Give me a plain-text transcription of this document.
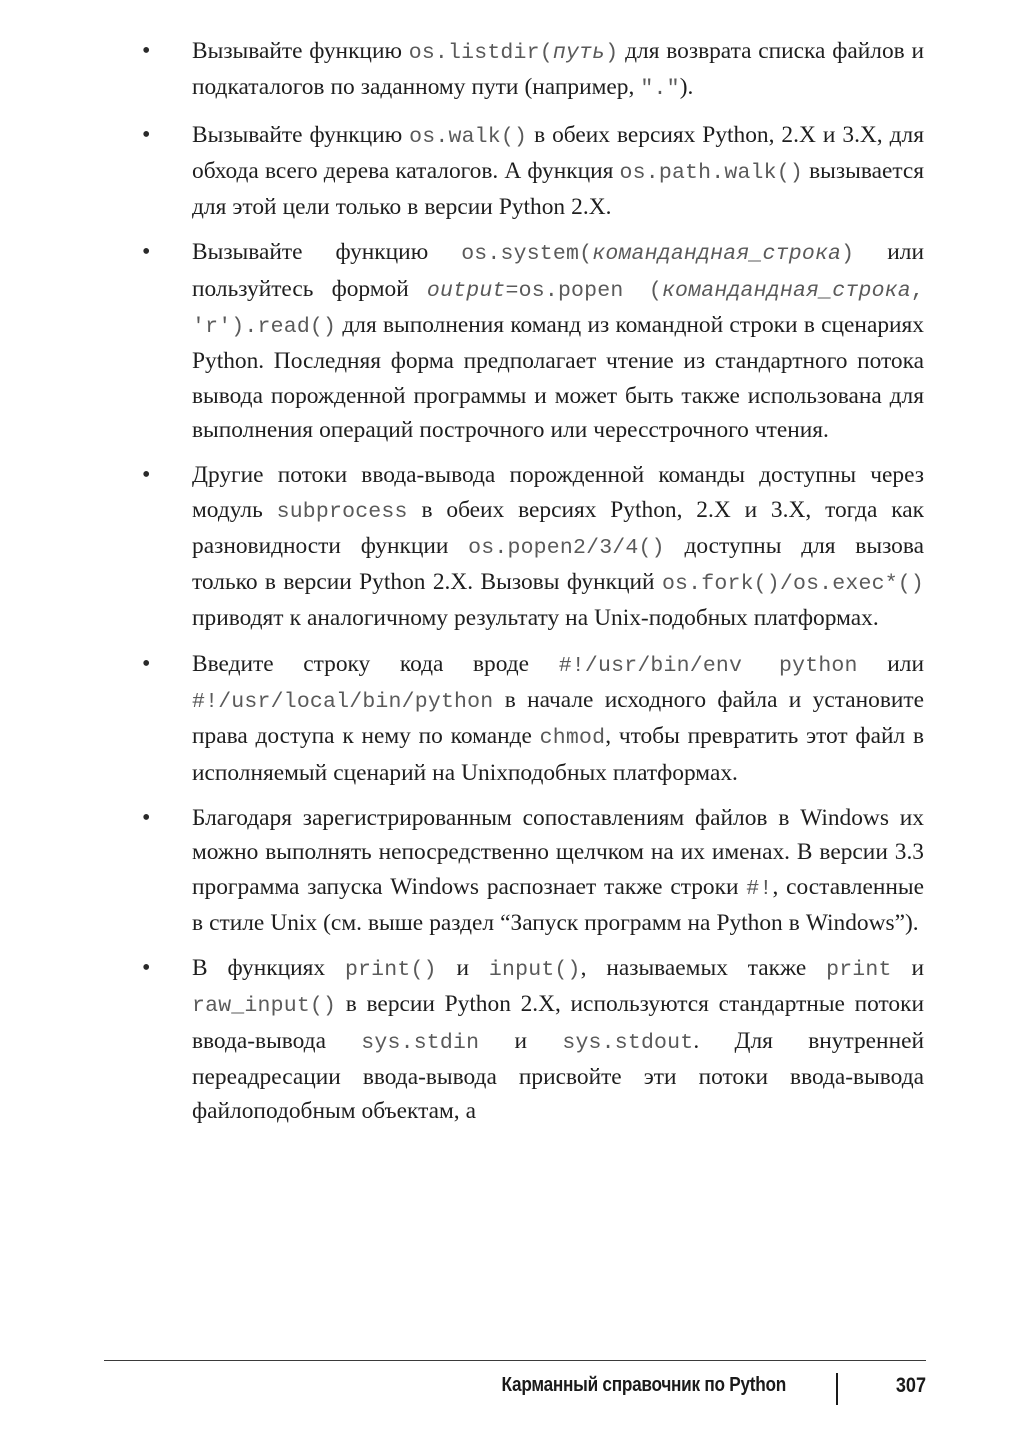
• Вызывайте функцию os.listdir(путь) для возврата списка файлов и подкаталогов по заданному пути (например, ".").
• Вызывайте функцию os.walk() в обеих версиях Python, 2.X и 3.X, для обхода всего дерева каталогов. А функция os.path.walk() вызывается для этой цели только в версии Python 2.X.
• Вызывайте функцию os.system(командандная_строка) или пользуйтесь формой output=os.popen (командандная_строка, 'r').read() для выполнения команд из командной строки в сценариях Python. Последняя форма предполагает чтение из стандартного потока вывода порожденной программы и может быть также использована для выполнения операций построчного или чересстрочного чтения.
• Другие потоки ввода-вывода порожденной команды доступны через модуль subprocess в обеих версиях Python, 2.X и 3.X, тогда как разновидности функции os.popen2/3/4() доступны для вызова только в версии Python 2.X. Вызовы функций os.fork()/os.exec*() приводят к аналогичному результату на Unix-подобных платформах.
• Введите строку кода вроде #!/usr/bin/env python или #!/usr/local/bin/python в начале исходного файла и установите права доступа к нему по команде chmod, чтобы превратить этот файл в исполняемый сценарий на Unixподобных платформах.
• Благодаря зарегистрированным сопоставлениям файлов в Windows их можно выполнять непосредственно щелчком на их именах. В версии 3.3 программа запуска Windows распознает также строки #!, составленные в стиле Unix (см. выше раздел “Запуск программ на Python в Windows”).
• В функциях print() и input(), называемых также print и raw_input() в версии Python 2.X, используются стандартные потоки ввода-вывода sys.stdin и sys.stdout. Для внутренней переадресации ввода-вывода присвойте эти потоки ввода-вывода файлоподобным объектам, а
Карманный справочник по Python	307
